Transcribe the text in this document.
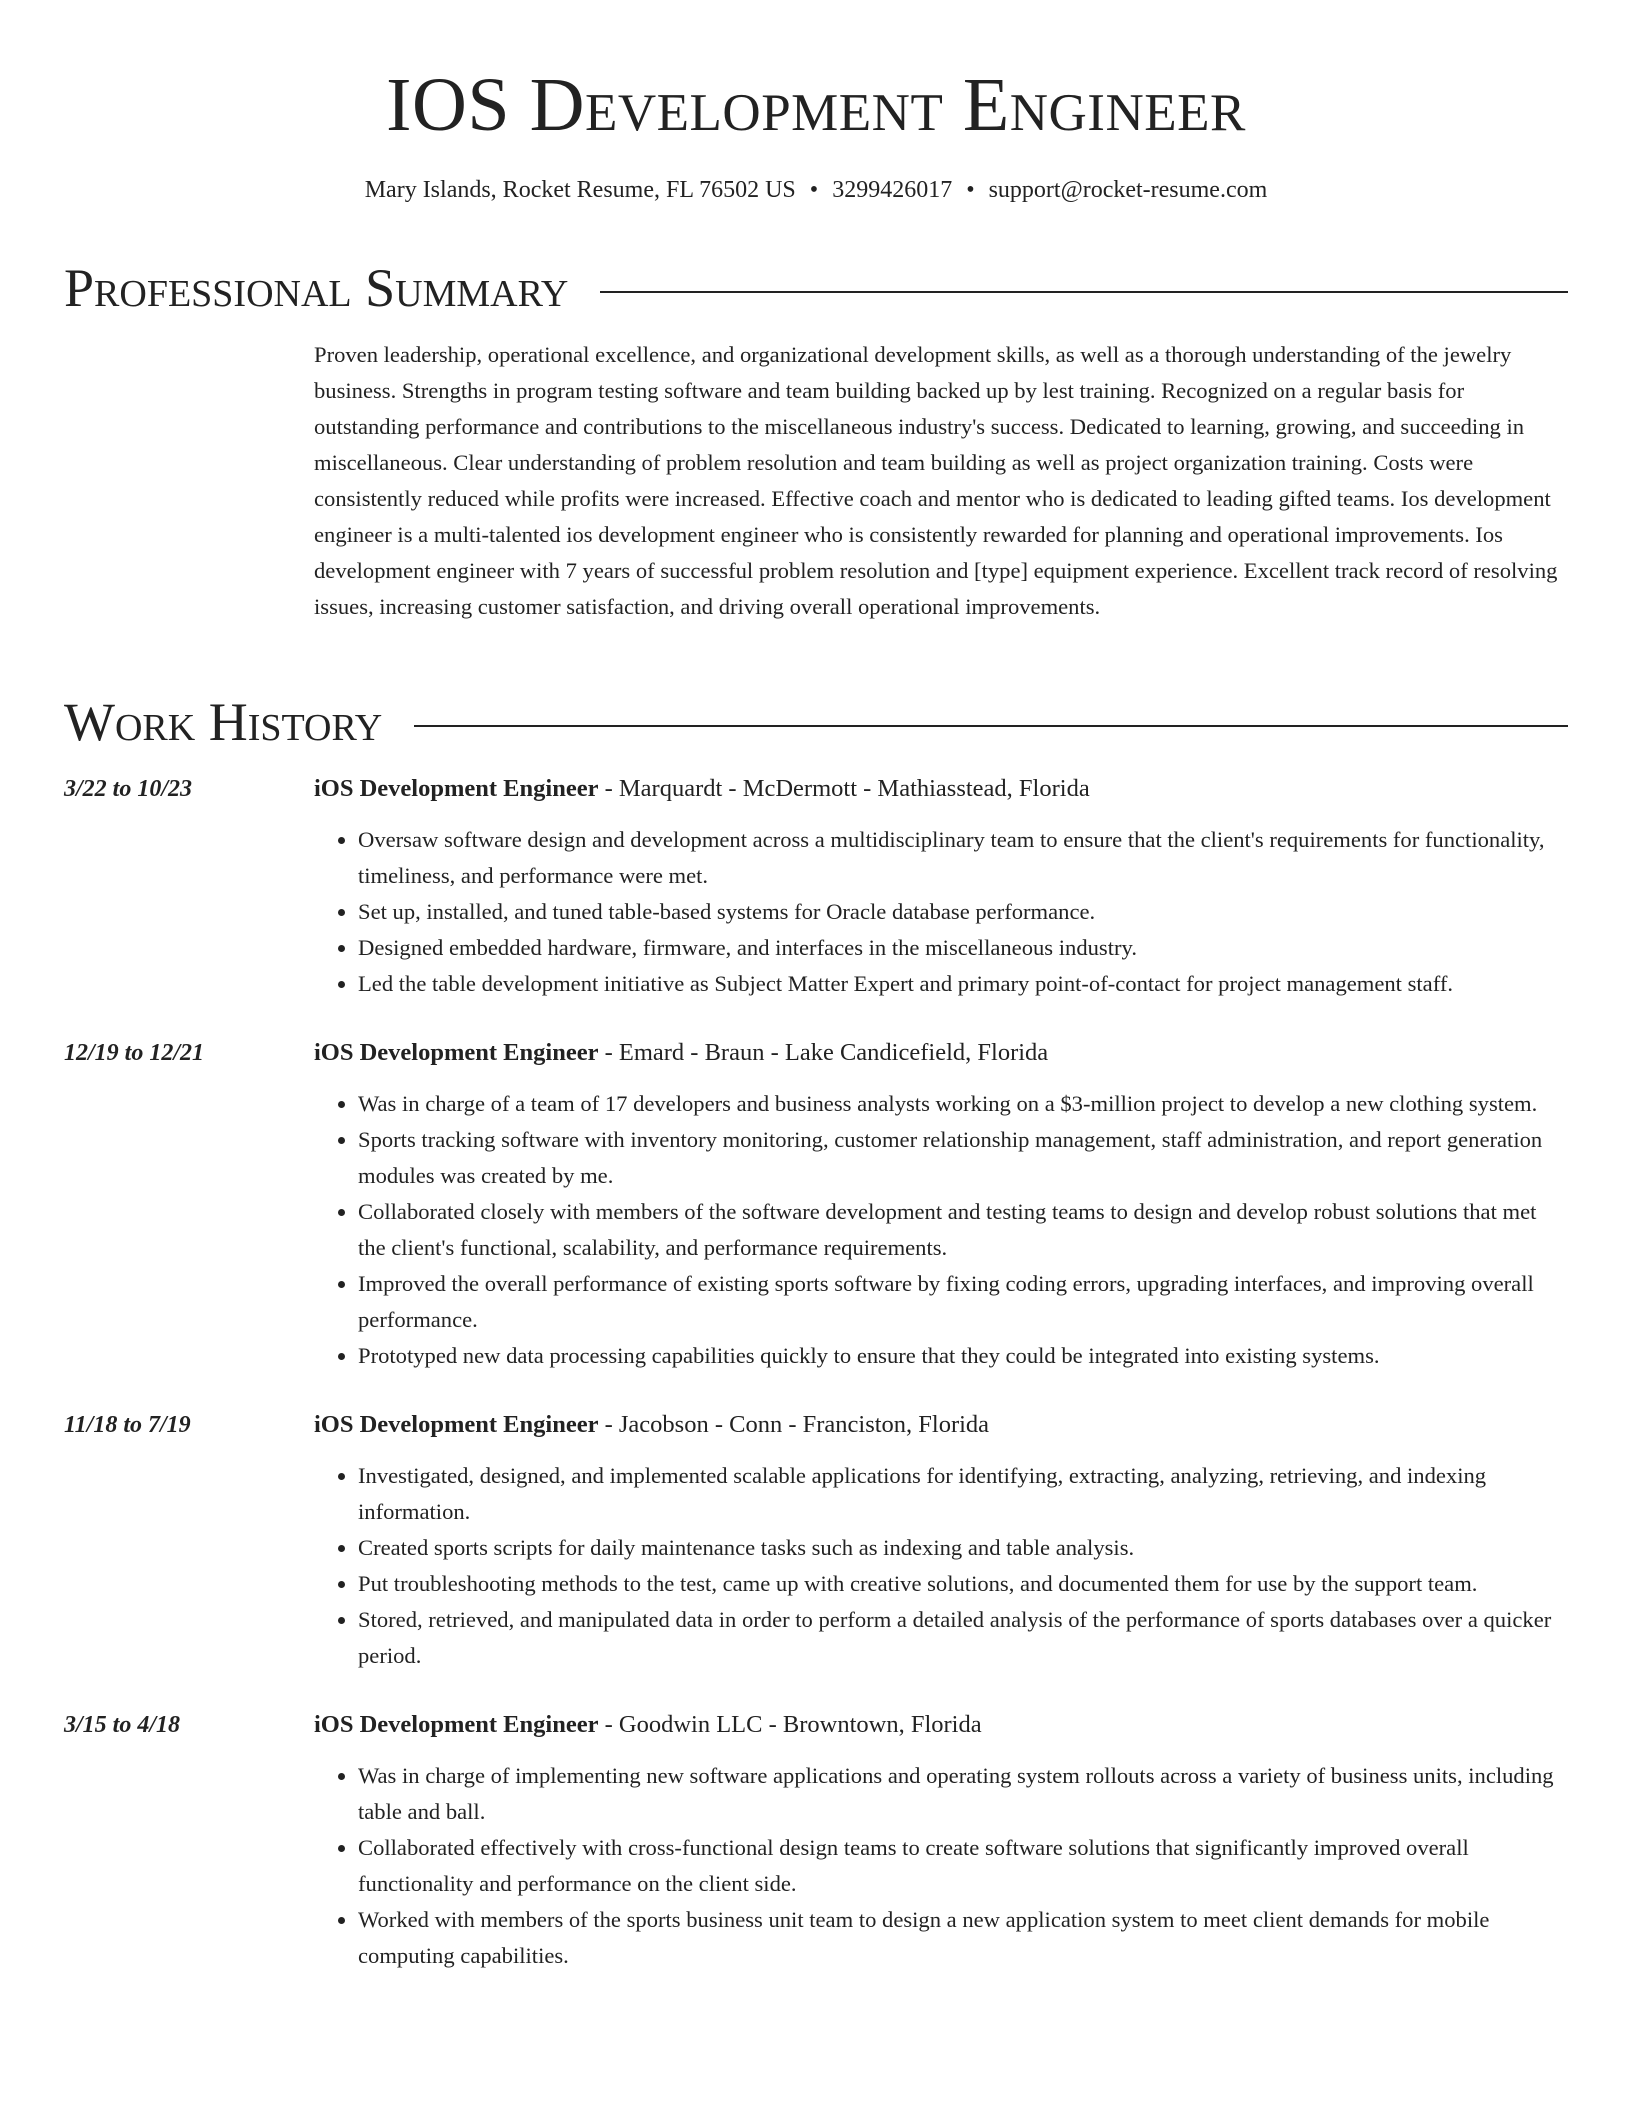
IOS Development Engineer

Mary Islands, Rocket Resume, FL 76502 US • 3299426017 • support@rocket-resume.com

Professional Summary

Proven leadership, operational excellence, and organizational development skills, as well as a thorough understanding of the jewelry business. Strengths in program testing software and team building backed up by lest training. Recognized on a regular basis for outstanding performance and contributions to the miscellaneous industry's success. Dedicated to learning, growing, and succeeding in miscellaneous. Clear understanding of problem resolution and team building as well as project organization training. Costs were consistently reduced while profits were increased. Effective coach and mentor who is dedicated to leading gifted teams. Ios development engineer is a multi-talented ios development engineer who is consistently rewarded for planning and operational improvements. Ios development engineer with 7 years of successful problem resolution and [type] equipment experience. Excellent track record of resolving issues, increasing customer satisfaction, and driving overall operational improvements.

Work History
3/22 to 10/23	iOS Development Engineer - Marquardt - McDermott - Mathiasstead, Florida

• Oversaw software design and development across a multidisciplinary team to ensure that the client's requirements for functionality, timeliness, and performance were met.
• Set up, installed, and tuned table-based systems for Oracle database performance.
• Designed embedded hardware, firmware, and interfaces in the miscellaneous industry.
• Led the table development initiative as Subject Matter Expert and primary point-of-contact for project management staff.
12/19 to 12/21	iOS Development Engineer - Emard - Braun - Lake Candicefield, Florida

• Was in charge of a team of 17 developers and business analysts working on a $3-million project to develop a new clothing system.
• Sports tracking software with inventory monitoring, customer relationship management, staff administration, and report generation modules was created by me.
• Collaborated closely with members of the software development and testing teams to design and develop robust solutions that met the client's functional, scalability, and performance requirements.
• Improved the overall performance of existing sports software by fixing coding errors, upgrading interfaces, and improving overall performance.
• Prototyped new data processing capabilities quickly to ensure that they could be integrated into existing systems.
11/18 to 7/19	iOS Development Engineer - Jacobson - Conn - Franciston, Florida

• Investigated, designed, and implemented scalable applications for identifying, extracting, analyzing, retrieving, and indexing information.
• Created sports scripts for daily maintenance tasks such as indexing and table analysis.
• Put troubleshooting methods to the test, came up with creative solutions, and documented them for use by the support team.
• Stored, retrieved, and manipulated data in order to perform a detailed analysis of the performance of sports databases over a quicker period.
3/15 to 4/18	iOS Development Engineer - Goodwin LLC - Browntown, Florida

• Was in charge of implementing new software applications and operating system rollouts across a variety of business units, including table and ball.
• Collaborated effectively with cross-functional design teams to create software solutions that significantly improved overall functionality and performance on the client side.
• Worked with members of the sports business unit team to design a new application system to meet client demands for mobile computing capabilities.
